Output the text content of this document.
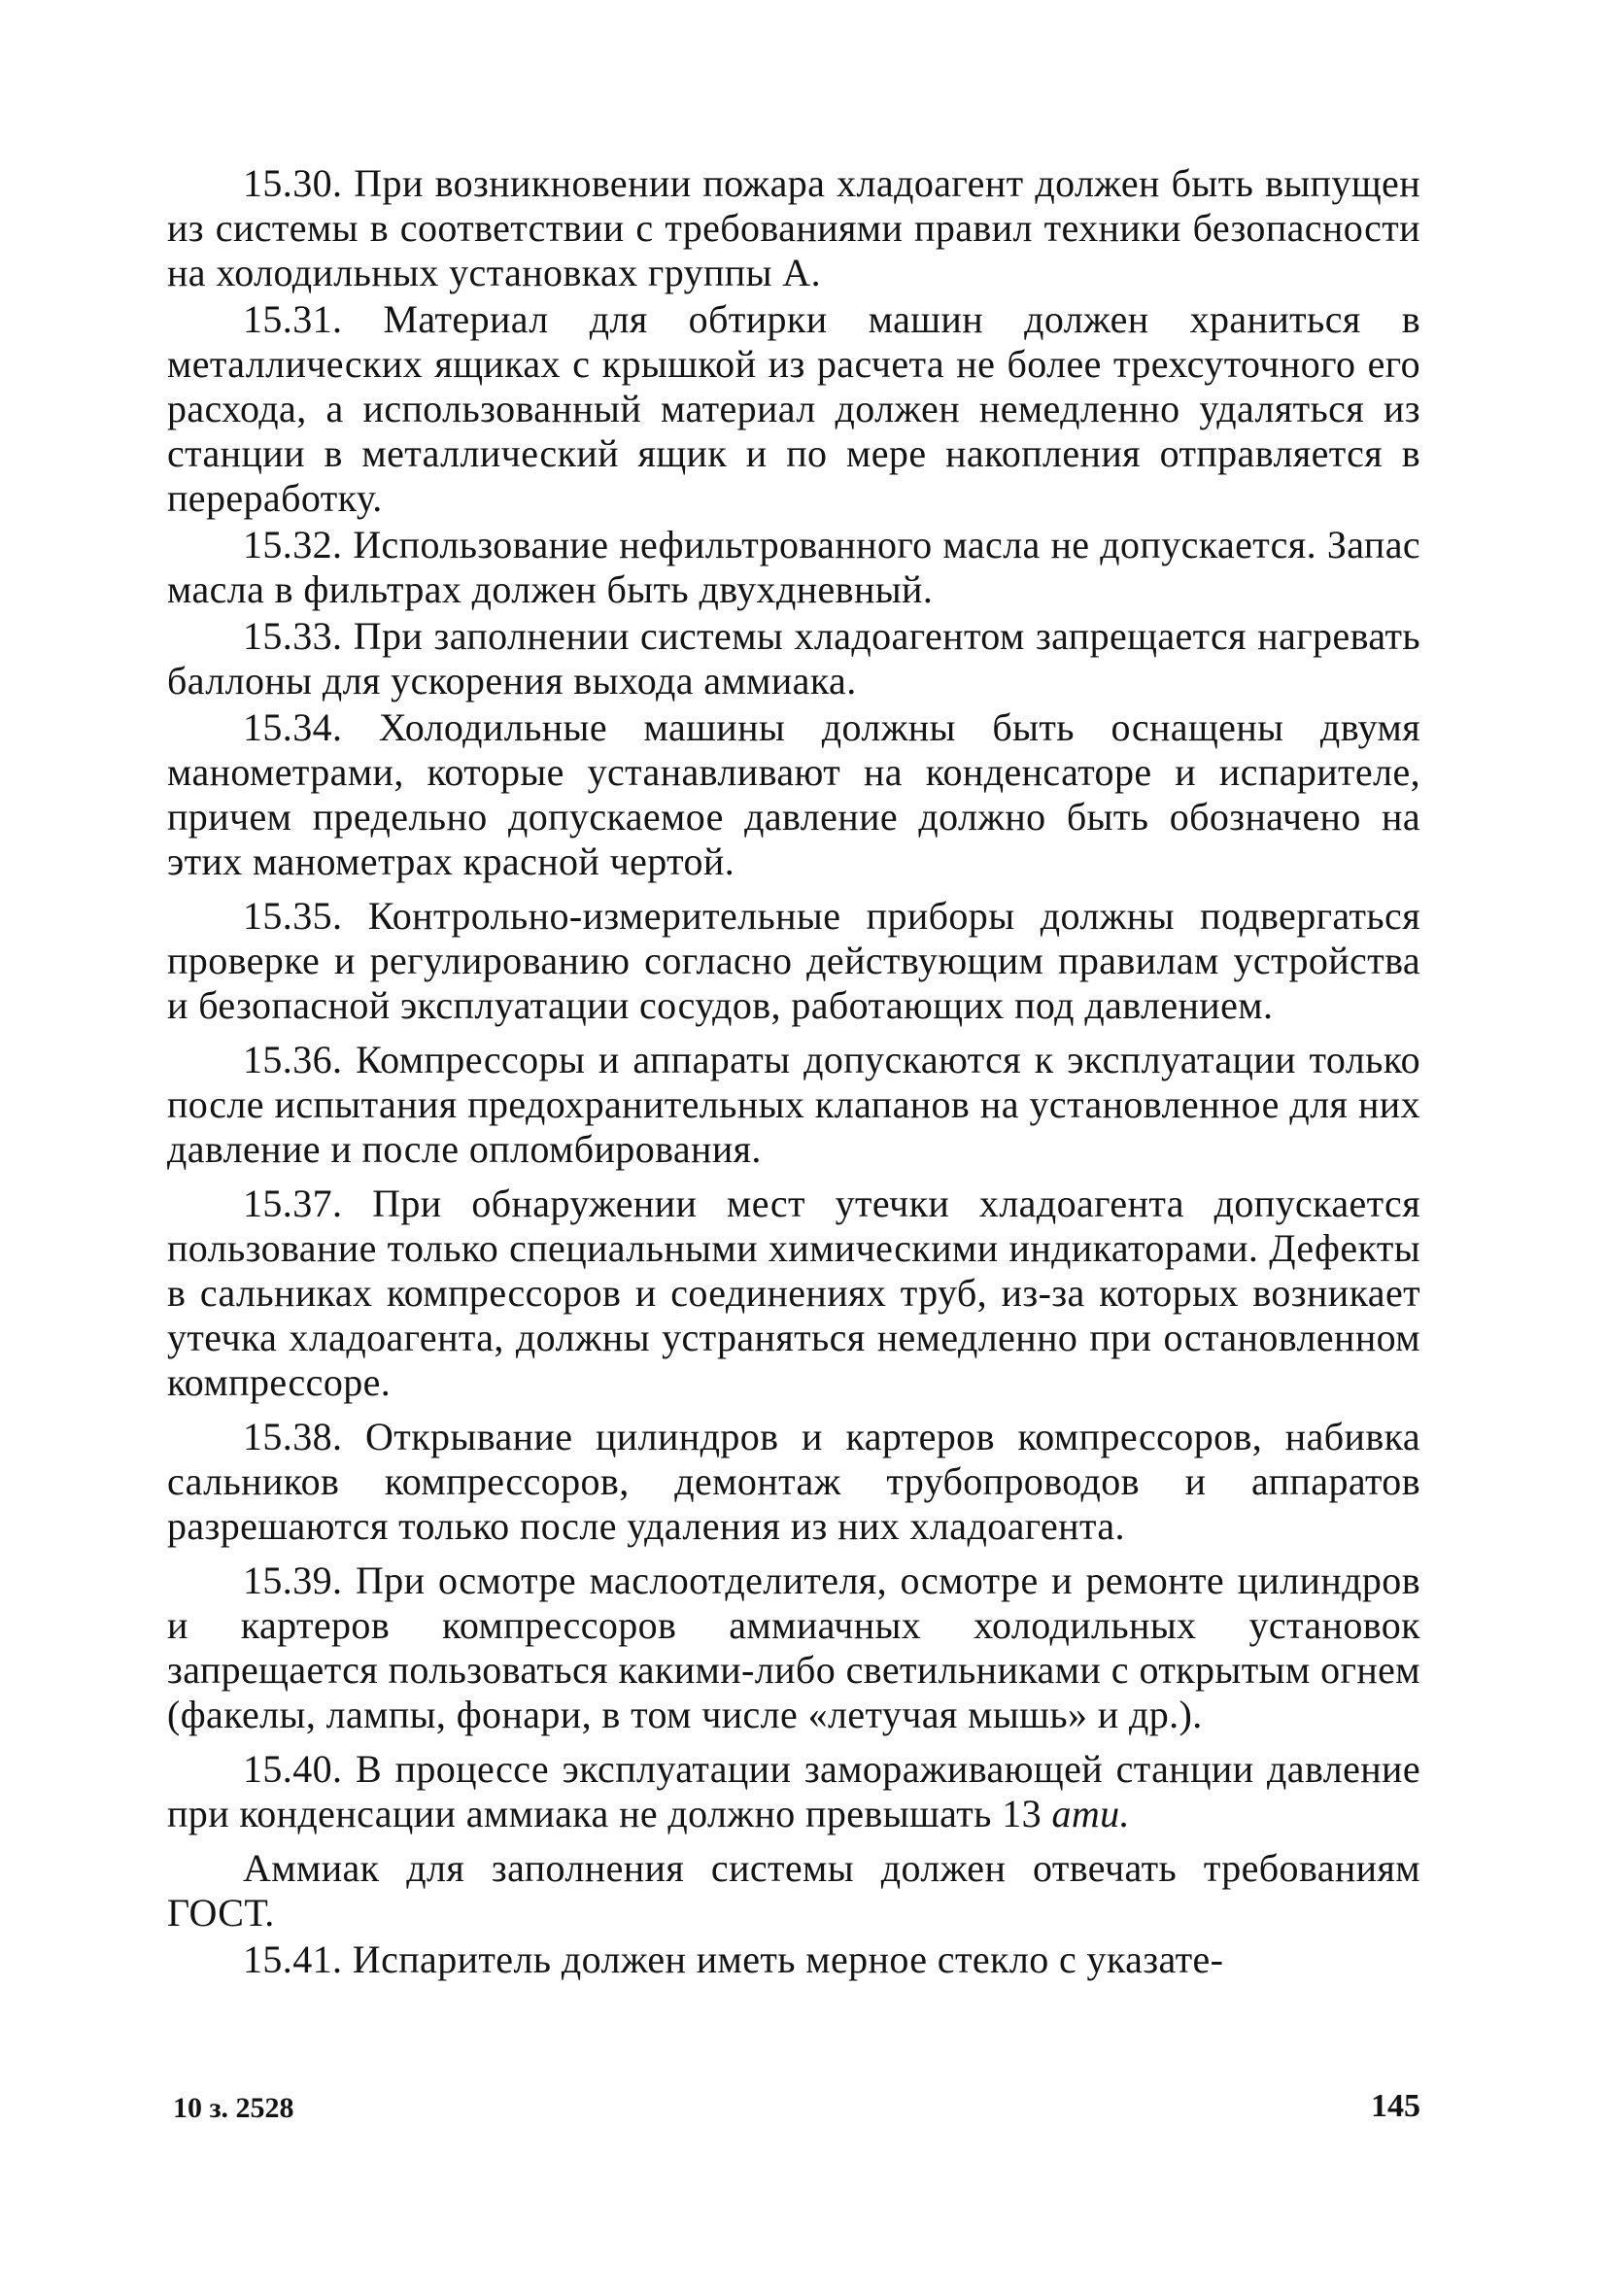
15.30. При возникновении пожара хладоагент должен быть выпущен из системы в соответствии с требованиями правил техники безопасности на холодильных установках группы А.

15.31. Материал для обтирки машин должен храниться в металлических ящиках с крышкой из расчета не более трехсуточного его расхода, а использованный материал должен немедленно удаляться из станции в металлический ящик и по мере накопления отправляется в переработку.

15.32. Использование нефильтрованного масла не допускается. Запас масла в фильтрах должен быть двухдневный.

15.33. При заполнении системы хладоагентом запрещается нагревать баллоны для ускорения выхода аммиака.

15.34. Холодильные машины должны быть оснащены двумя манометрами, которые устанавливают на конденсаторе и испарителе, причем предельно допускаемое давление должно быть обозначено на этих манометрах красной чертой.

15.35. Контрольно-измерительные приборы должны подвергаться проверке и регулированию согласно действующим правилам устройства и безопасной эксплуатации сосудов, работающих под давлением.

15.36. Компрессоры и аппараты допускаются к эксплуатации только после испытания предохранительных клапанов на установленное для них давление и после опломбирования.

15.37. При обнаружении мест утечки хладоагента допускается пользование только специальными химическими индикаторами. Дефекты в сальниках компрессоров и соединениях труб, из-за которых возникает утечка хладоагента, должны устраняться немедленно при остановленном компрессоре.

15.38. Открывание цилиндров и картеров компрессоров, набивка сальников компрессоров, демонтаж трубопроводов и аппаратов разрешаются только после удаления из них хладоагента.

15.39. При осмотре маслоотделителя, осмотре и ремонте цилиндров и картеров компрессоров аммиачных холодильных установок запрещается пользоваться какими-либо светильниками с открытым огнем (факелы, лампы, фонари, в том числе «летучая мышь» и др.).

15.40. В процессе эксплуатации замораживающей станции давление при конденсации аммиака не должно превышать 13 ати.

Аммиак для заполнения системы должен отвечать требованиям ГОСТ.

15.41. Испаритель должен иметь мерное стекло с указате-

10 з. 2528	145
